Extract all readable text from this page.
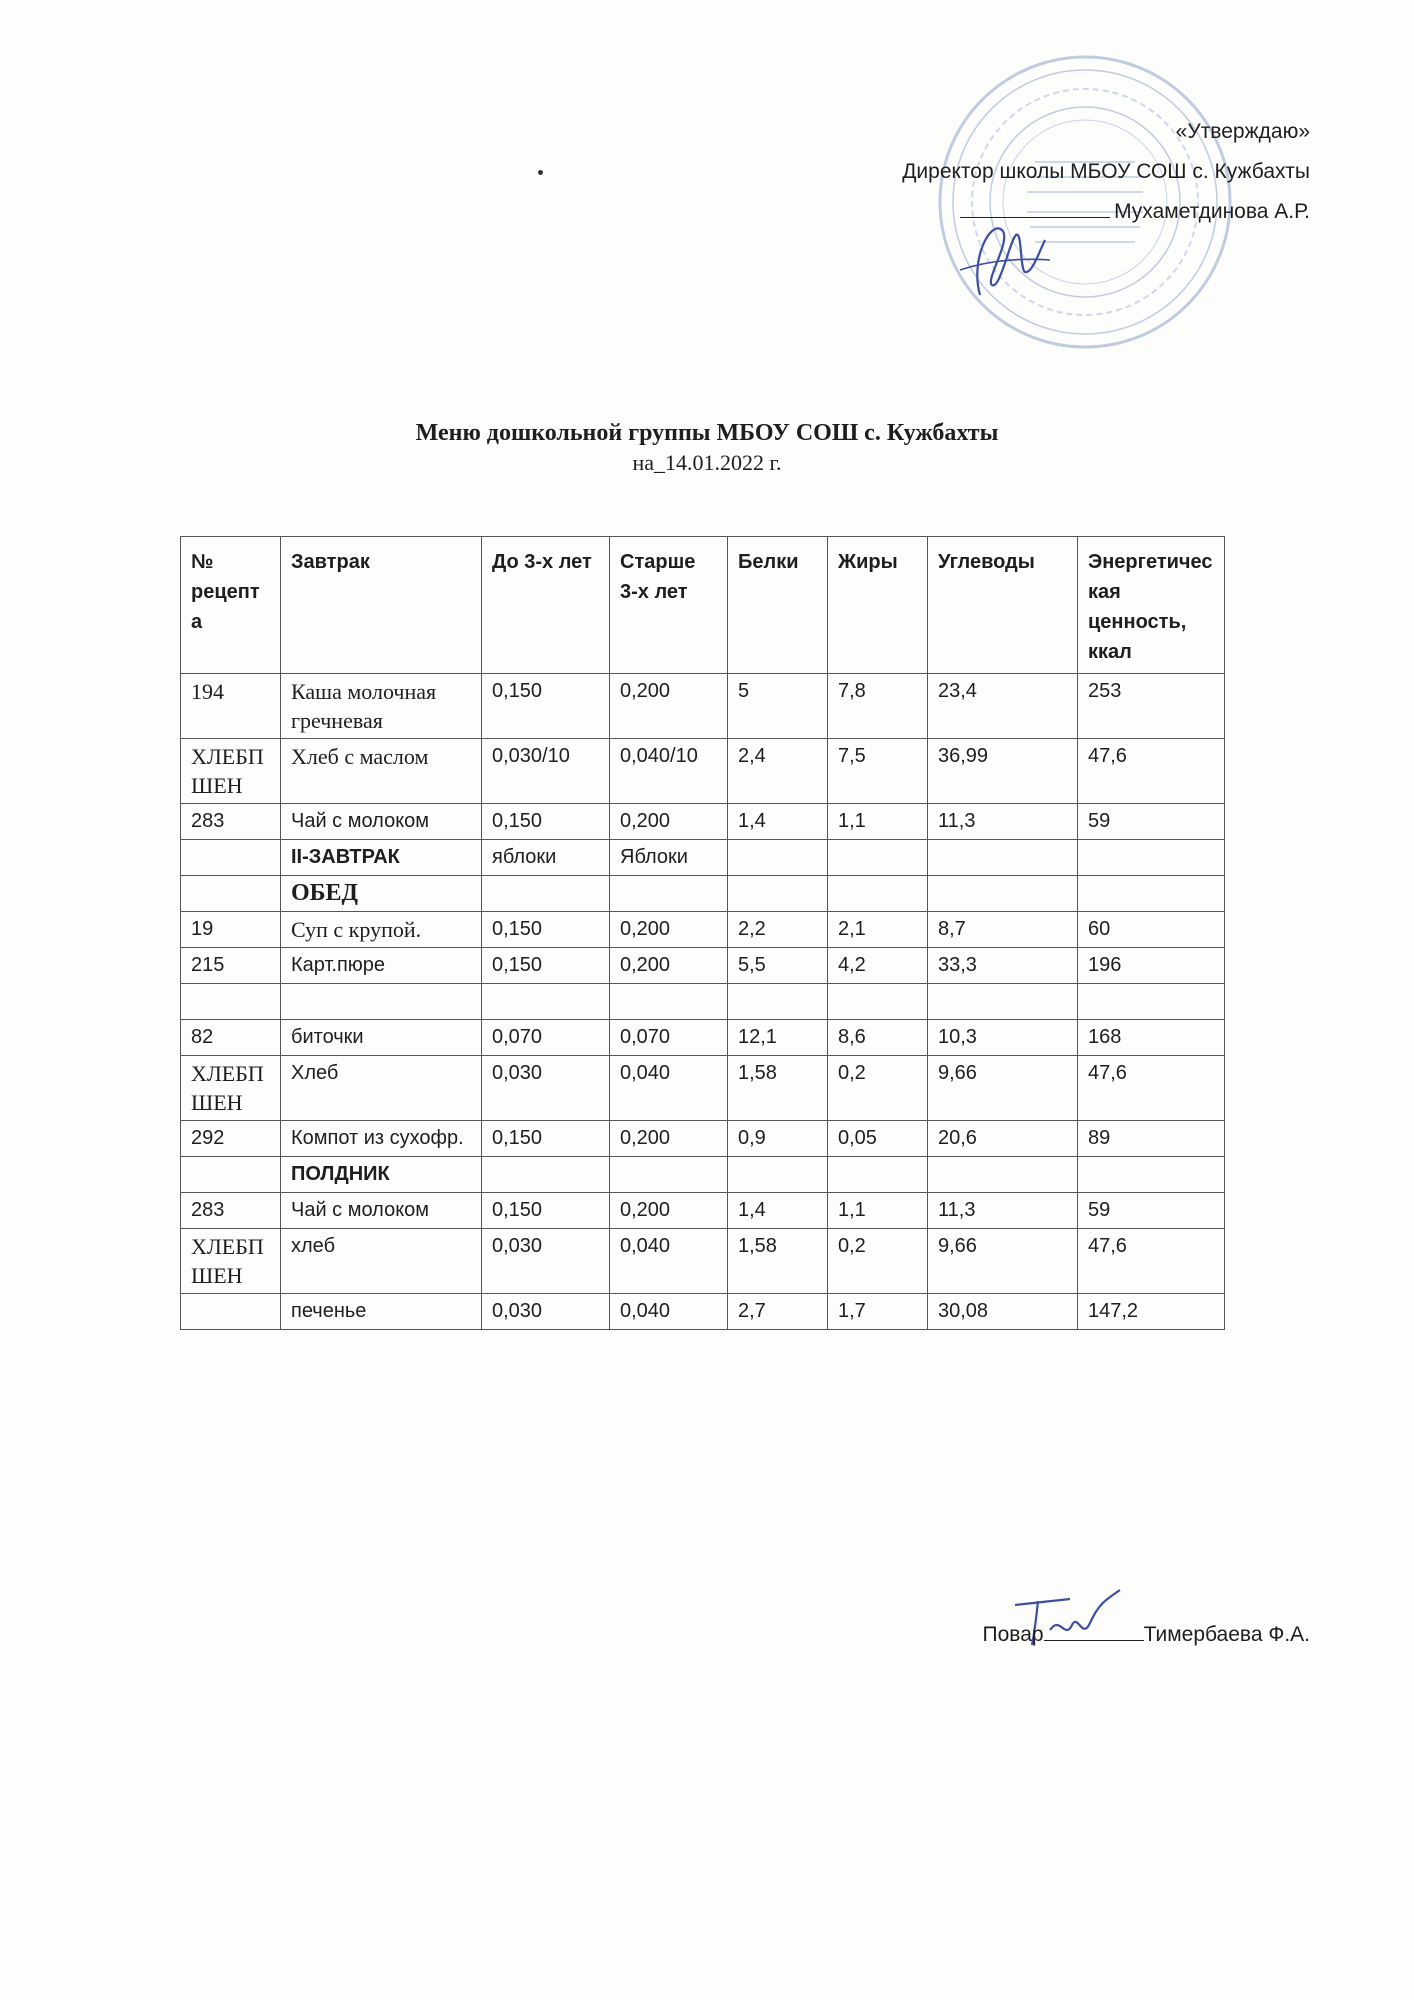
«Утверждаю»
Директор школы МБОУ СОШ с. Кужбахты
Мухаметдинова А.Р.
Меню дошкольной группы МБОУ СОШ с. Кужбахты
на_14.01.2022 г.
№ рецепта	Завтрак	До 3-х лет	Старше 3-х лет	Белки	Жиры	Углеводы	Энергетическая ценность, ккал
194	Каша молочная гречневая	0,150	0,200	5	7,8	23,4	253
ХЛЕБПШЕН	Хлеб с маслом	0,030/10	0,040/10	2,4	7,5	36,99	47,6
283	Чай с молоком	0,150	0,200	1,4	1,1	11,3	59
	II-ЗАВТРАК	яблоки	Яблоки				
	ОБЕД						
19	Суп с крупой.	0,150	0,200	2,2	2,1	8,7	60
215	Карт.пюре	0,150	0,200	5,5	4,2	33,3	196

82	биточки	0,070	0,070	12,1	8,6	10,3	168
ХЛЕБПШЕН	Хлеб	0,030	0,040	1,58	0,2	9,66	47,6
292	Компот из сухофр.	0,150	0,200	0,9	0,05	20,6	89
	ПОЛДНИК						
283	Чай с молоком	0,150	0,200	1,4	1,1	11,3	59
ХЛЕБПШЕН	хлеб	0,030	0,040	1,58	0,2	9,66	47,6
	печенье	0,030	0,040	2,7	1,7	30,08	147,2
Повар	Тимербаева Ф.А.
